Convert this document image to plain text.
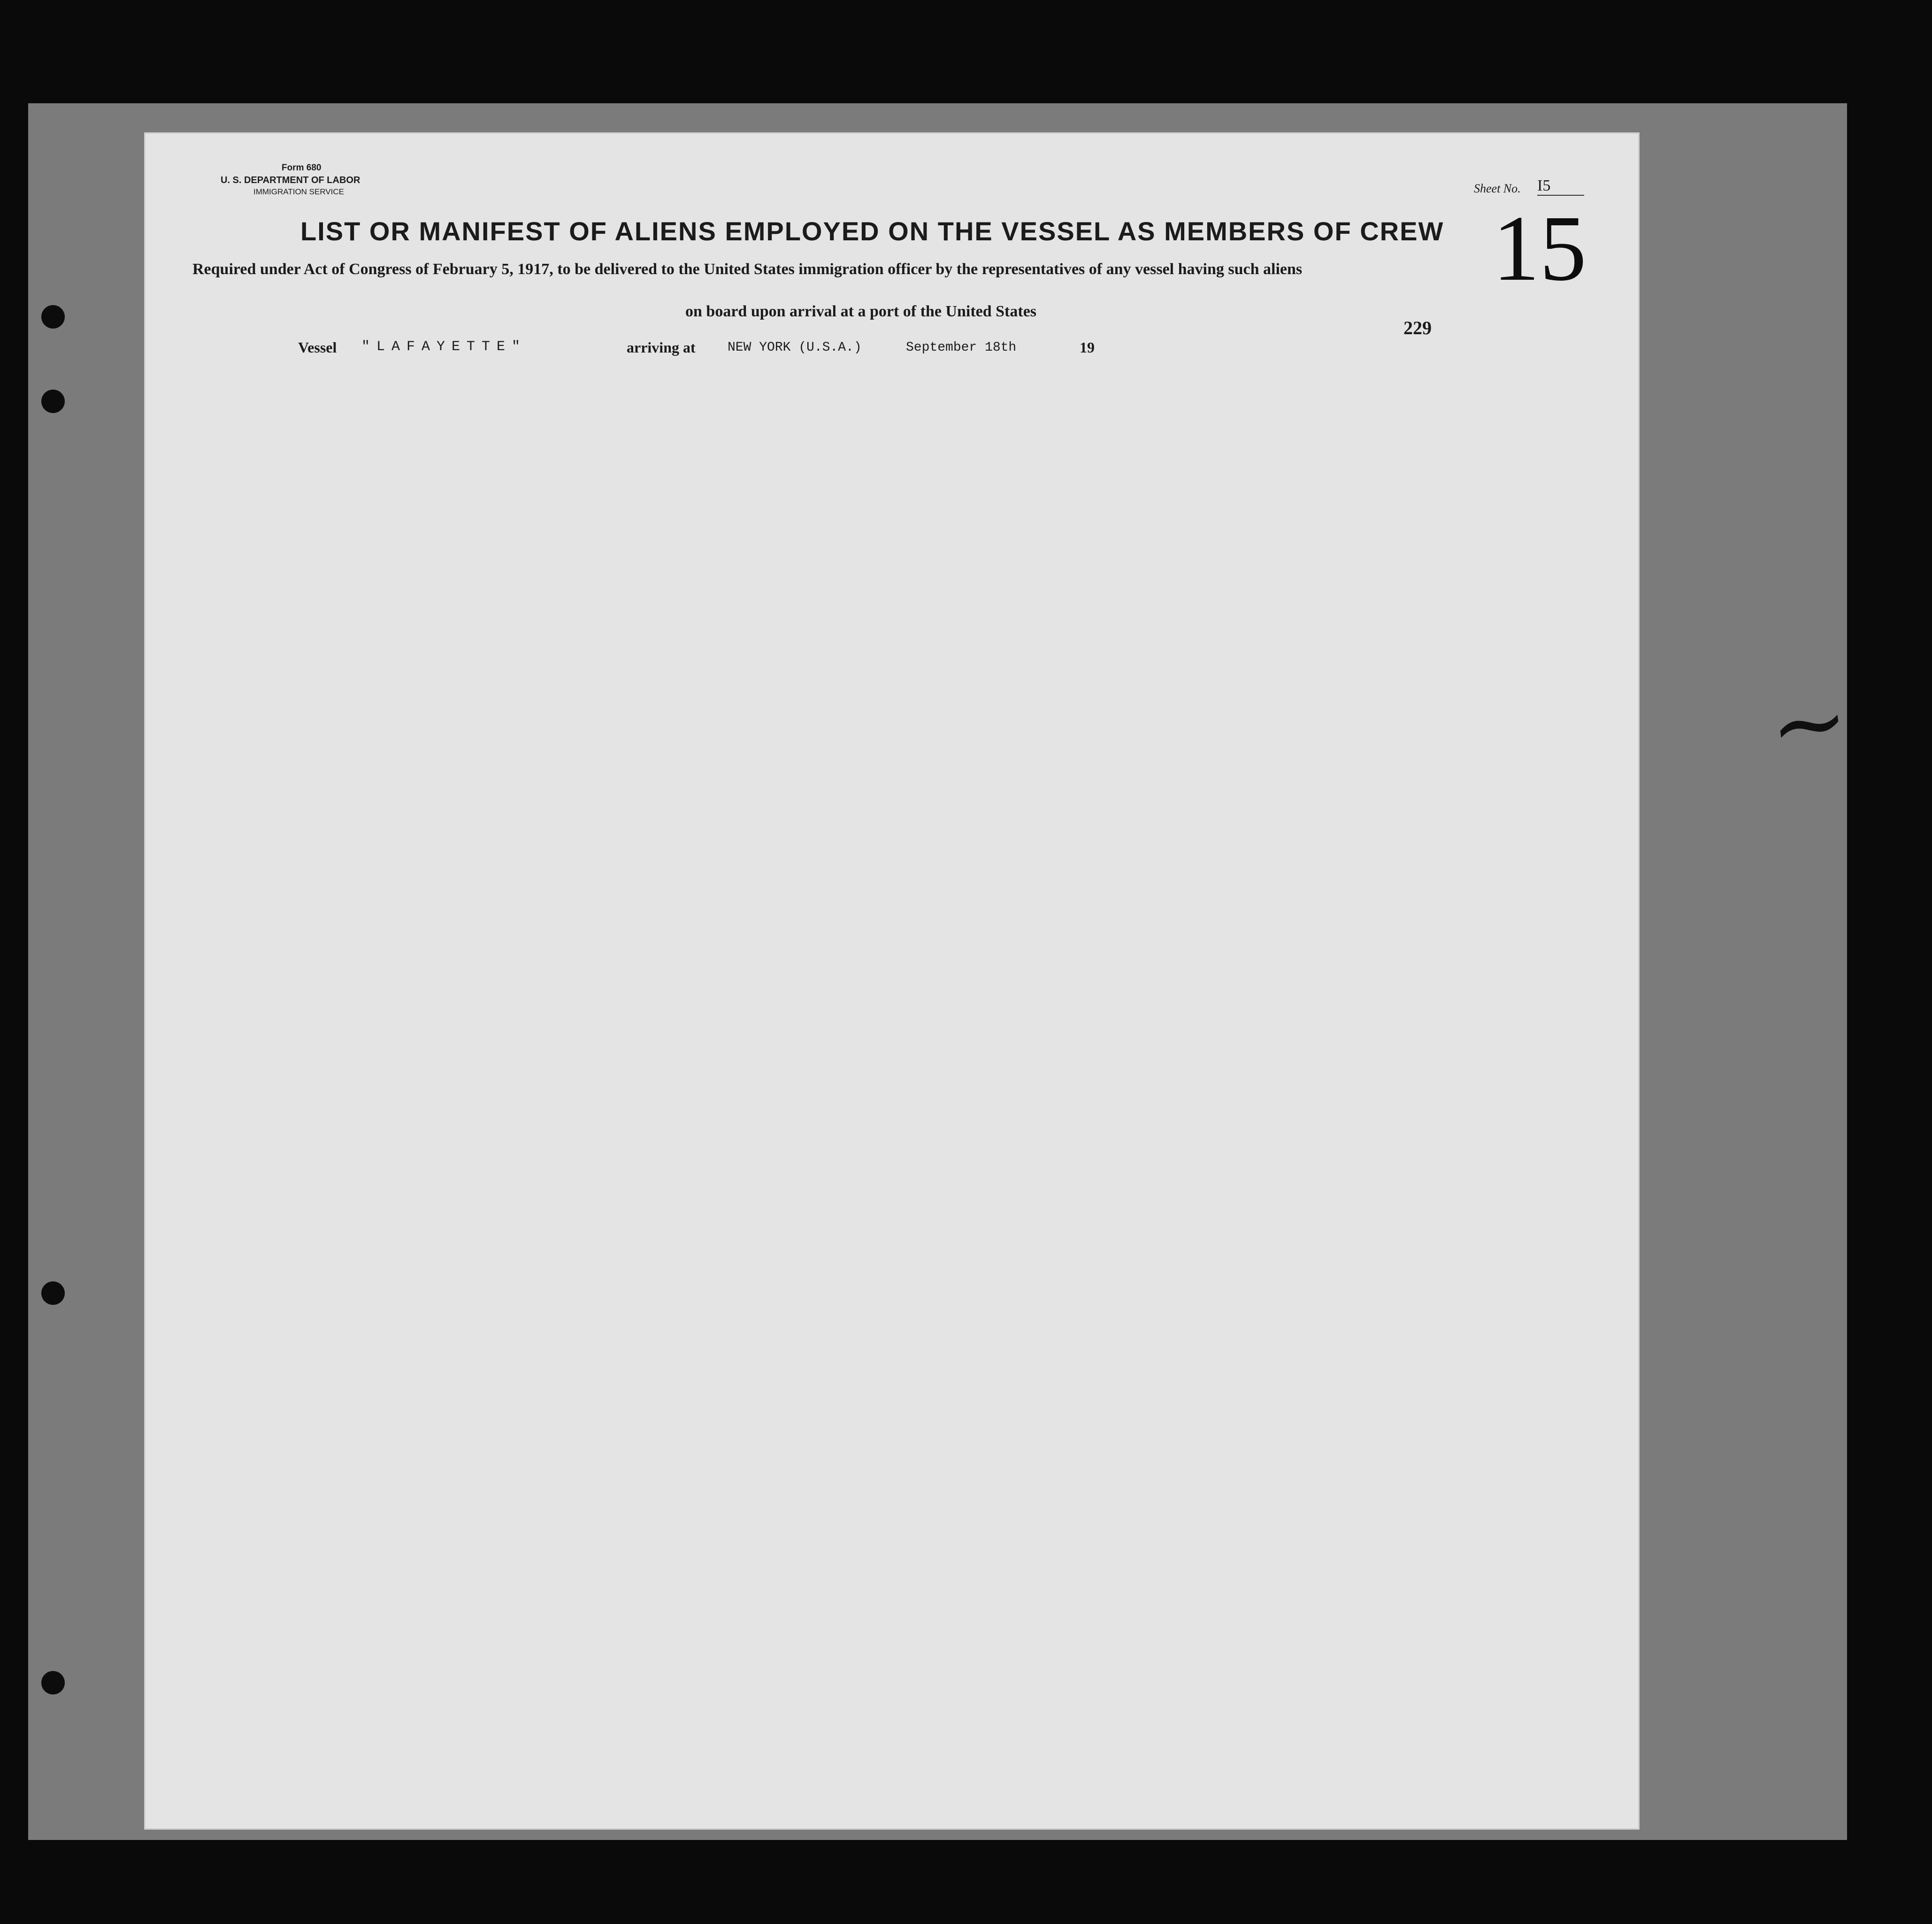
Form 680
U. S. DEPARTMENT OF LABOR
IMMIGRATION SERVICE	Sheet No. I5
LIST OR MANIFEST OF ALIENS EMPLOYED ON THE VESSEL AS MEMBERS OF CREW 15
Required under Act of Congress of February 5, 1917, to be delivered to the United States immigration officer by the representatives of any vessel having such aliens
on board upon arrival at a port of the United States
229
Vessel "LAFAYETTE"	arriving at NEW YORK (U.S.A.)	September 18th	19
~
